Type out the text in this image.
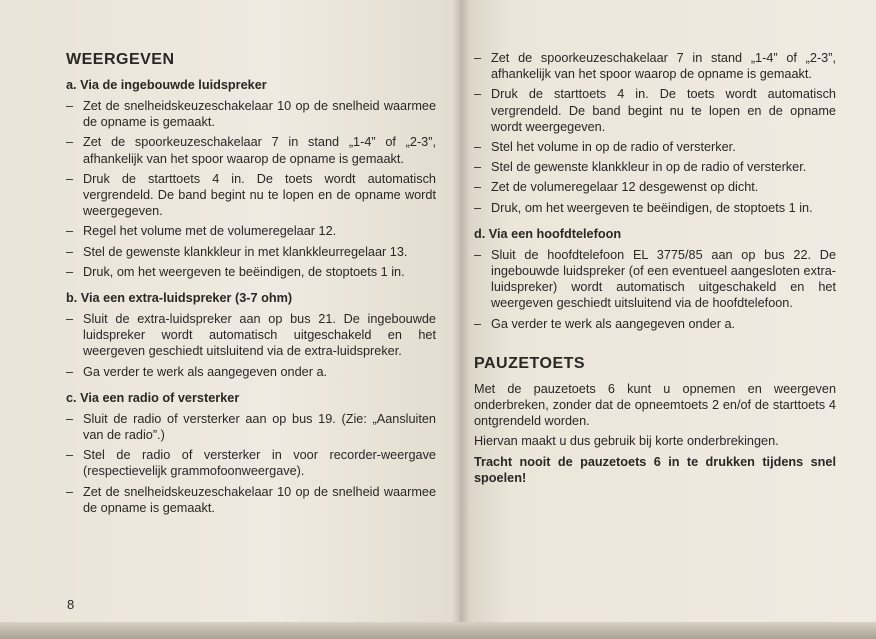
WEERGEVEN
a. Via de ingebouwde luidspreker
– Zet de snelheidskeuzeschakelaar 10 op de snelheid waarmee de opname is gemaakt.
– Zet de spoorkeuzeschakelaar 7 in stand „1-4” of „2-3”, afhankelijk van het spoor waarop de opname is gemaakt.
– Druk de starttoets 4 in. De toets wordt automatisch vergrendeld. De band begint nu te lopen en de opname wordt weergegeven.
– Regel het volume met de volumeregelaar 12.
– Stel de gewenste klankkleur in met klankkleurregelaar 13.
– Druk, om het weergeven te beëindigen, de stoptoets 1 in.
b. Via een extra-luidspreker (3-7 ohm)
– Sluit de extra-luidspreker aan op bus 21. De ingebouwde luidspreker wordt automatisch uitgeschakeld en het weergeven geschiedt uitsluitend via de extra-luidspreker.
– Ga verder te werk als aangegeven onder a.
c. Via een radio of versterker
– Sluit de radio of versterker aan op bus 19. (Zie: „Aansluiten van de radio”.)
– Stel de radio of versterker in voor recorder-weergave (respectievelijk grammofoonweergave).
– Zet de snelheidskeuzeschakelaar 10 op de snelheid waarmee de opname is gemaakt.
8
– Zet de spoorkeuzeschakelaar 7 in stand „1-4” of „2-3”, afhankelijk van het spoor waarop de opname is gemaakt.
– Druk de starttoets 4 in. De toets wordt automatisch vergrendeld. De band begint nu te lopen en de opname wordt weergegeven.
– Stel het volume in op de radio of versterker.
– Stel de gewenste klankkleur in op de radio of versterker.
– Zet de volumeregelaar 12 desgewenst op dicht.
– Druk, om het weergeven te beëindigen, de stoptoets 1 in.
d. Via een hoofdtelefoon
– Sluit de hoofdtelefoon EL 3775/85 aan op bus 22. De ingebouwde luidspreker (of een eventueel aangesloten extra-luidspreker) wordt automatisch uitgeschakeld en het weergeven geschiedt uitsluitend via de hoofdtelefoon.
– Ga verder te werk als aangegeven onder a.
PAUZETOETS

Met de pauzetoets 6 kunt u opnemen en weergeven onderbreken, zonder dat de opneemtoets 2 en/of de starttoets 4 ontgrendeld worden.

Hiervan maakt u dus gebruik bij korte onderbrekingen.

Tracht nooit de pauzetoets 6 in te drukken tijdens snel spoelen!
